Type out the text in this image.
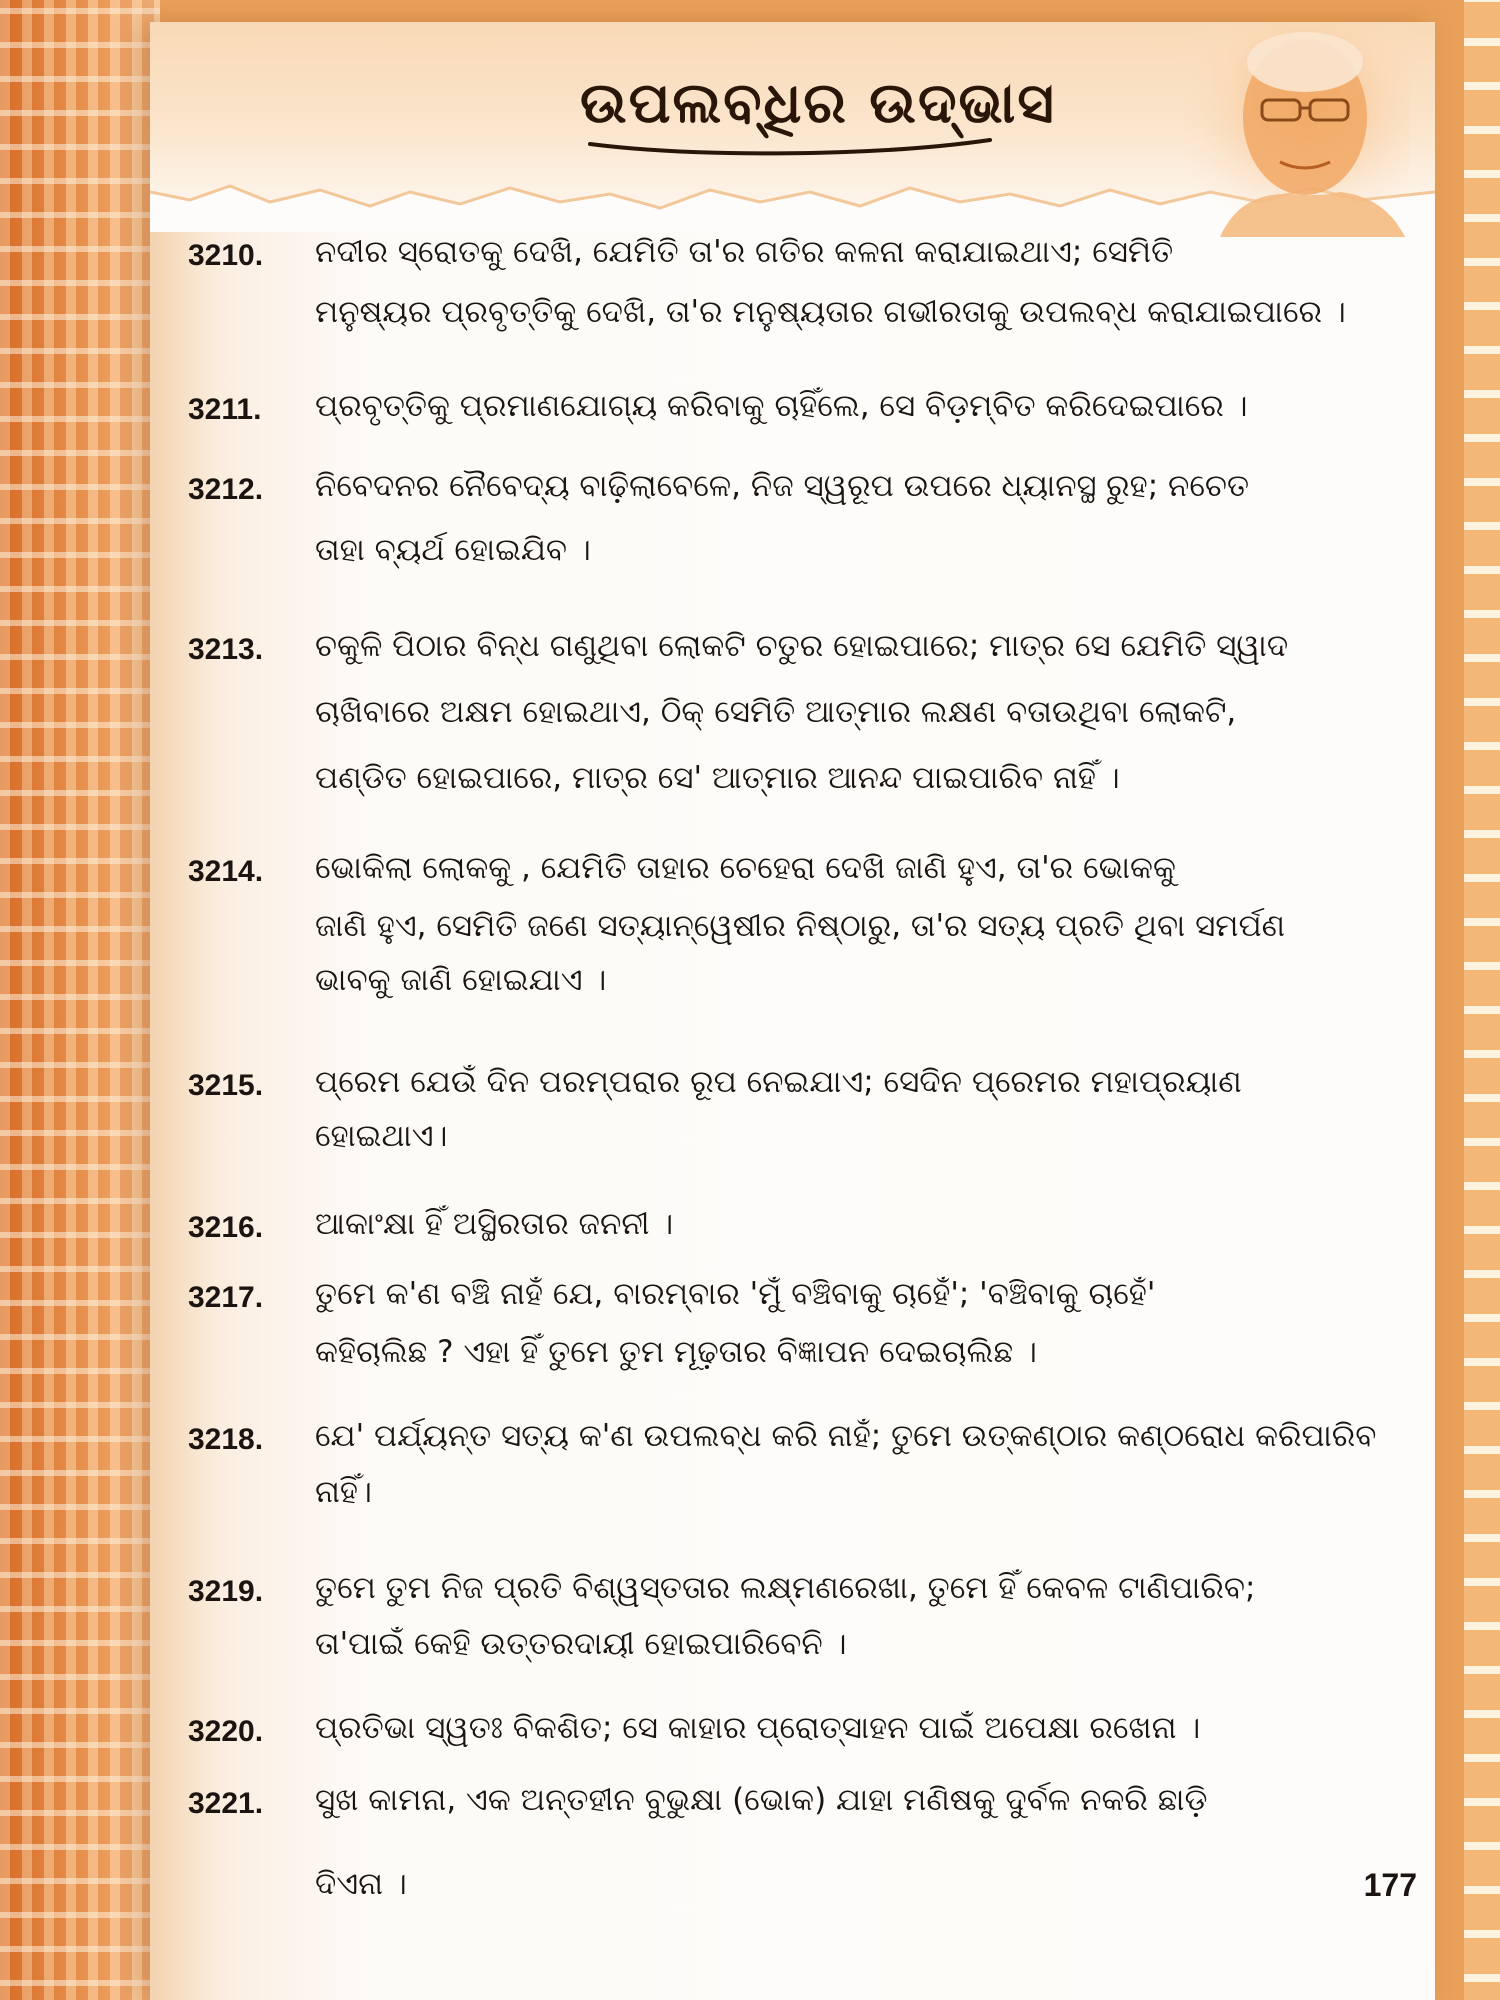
ଉପଲବ୍ଧିର ଉଦ୍ଭାସ
3210.	ନଦୀର ସ୍ରୋତକୁ ଦେଖି, ଯେମିତି ତା'ର ଗତିର କଳନା କରାଯାଇଥାଏ; ସେମିତି
ମନୁଷ୍ୟର ପ୍ରବୃତ୍ତିକୁ ଦେଖି, ତା'ର ମନୁଷ୍ୟତାର ଗଭୀରତାକୁ ଉପଲବ୍ଧ କରାଯାଇପାରେ ।
3211.	ପ୍ରବୃତ୍ତିକୁ ପ୍ରମାଣଯୋଗ୍ୟ କରିବାକୁ ଚାହିଁଲେ, ସେ ବିଡ଼ମ୍ବିତ କରିଦେଇପାରେ ।
3212.	ନିବେଦନର ନୈବେଦ୍ୟ ବାଢ଼ିଲାବେଳେ, ନିଜ ସ୍ୱରୂପ ଉପରେ ଧ୍ୟାନସ୍ଥ ରୁହ; ନଚେତ
ତାହା ବ୍ୟର୍ଥ ହୋଇଯିବ ।
3213.	ଚକୁଳି ପିଠାର ବିନ୍ଧ ଗଣୁଥିବା ଲୋକଟି ଚତୁର ହୋଇପାରେ; ମାତ୍ର ସେ ଯେମିତି ସ୍ୱାଦ
ଚାଖିବାରେ ଅକ୍ଷମ ହୋଇଥାଏ, ଠିକ୍ ସେମିତି ଆତ୍ମାର ଲକ୍ଷଣ ବତାଉଥିବା ଲୋକଟି,
ପଣ୍ଡିତ ହୋଇପାରେ, ମାତ୍ର ସେ' ଆତ୍ମାର ଆନନ୍ଦ ପାଇପାରିବ ନାହିଁ ।
3214.	ଭୋକିଲା ଲୋକକୁ , ଯେମିତି ତାହାର ଚେହେରା ଦେଖି ଜାଣି ହୁଏ, ତା'ର ଭୋକକୁ
ଜାଣି ହୁଏ, ସେମିତି ଜଣେ ସତ୍ୟାନ୍ୱେଷୀର ନିଷ୍ଠାରୁ, ତା'ର ସତ୍ୟ ପ୍ରତି ଥିବା ସମର୍ପଣ
ଭାବକୁ ଜାଣି ହୋଇଯାଏ ।
3215.	ପ୍ରେମ ଯେଉଁ ଦିନ ପରମ୍ପରାର ରୂପ ନେଇଯାଏ; ସେଦିନ ପ୍ରେମର ମହାପ୍ରୟାଣ
ହୋଇଥାଏ।
3216.	ଆକାଂକ୍ଷା ହିଁ ଅସ୍ଥିରତାର ଜନନୀ ।
3217.	ତୁମେ କ'ଣ ବଞ୍ଚି ନାହଁ ଯେ, ବାରମ୍ବାର 'ମୁଁ ବଞ୍ଚିବାକୁ ଚାହେଁ'; 'ବଞ୍ଚିବାକୁ ଚାହେଁ'
କହିଚାଲିଛ ? ଏହା ହିଁ ତୁମେ ତୁମ ମୂଢ଼ତାର ବିଜ୍ଞାପନ ଦେଇଚାଲିଛ ।
3218.	ଯେ' ପର୍ଯ୍ୟନ୍ତ ସତ୍ୟ କ'ଣ ଉପଲବ୍ଧ କରି ନାହଁ; ତୁମେ ଉତ୍କଣ୍ଠାର କଣ୍ଠରୋଧ କରିପାରିବ
ନାହିଁ।
3219.	ତୁମେ ତୁମ ନିଜ ପ୍ରତି ବିଶ୍ୱସ୍ତତାର ଲକ୍ଷ୍ମଣରେଖା, ତୁମେ ହିଁ କେବଳ ଟାଣିପାରିବ;
ତା'ପାଇଁ କେହି ଉତ୍ତରଦାୟୀ ହୋଇପାରିବେନି ।
3220.	ପ୍ରତିଭା ସ୍ୱତଃ ବିକଶିତ; ସେ କାହାର ପ୍ରୋତ୍ସାହନ ପାଇଁ ଅପେକ୍ଷା ରଖେନା ।
3221.	ସୁଖ କାମନା, ଏକ ଅନ୍ତହୀନ ବୁଭୁକ୍ଷା (ଭୋକ) ଯାହା ମଣିଷକୁ ଦୁର୍ବଳ ନକରି ଛାଡ଼ି
ଦିଏନା ।	177
